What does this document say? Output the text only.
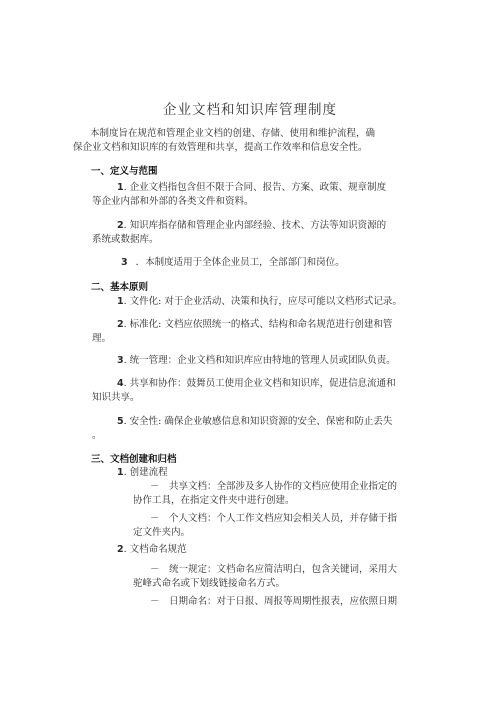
企业文档和知识库管理制度
本制度旨在规范和管理企业文档的创建、存储、使用和维护流程，确
保企业文档和知识库的有效管理和共享，提高工作效率和信息安全性。
一、定义与范围
1. 企业文档指包含但不限于合同、报告、方案、政策、规章制度
等企业内部和外部的各类文件和资料。
2. 知识库指存储和管理企业内部经验、技术、方法等知识资源的
系统或数据库。
3 ．本制度适用于全体企业员工，全部部门和岗位。
二、基本原则
1. 文件化: 对于企业活动、决策和执行，应尽可能以文档形式记录。
2. 标准化: 文档应依照统一的格式、结构和命名规范进行创建和管
理。
3. 统一管理：企业文档和知识库应由特地的管理人员或团队负责。
4. 共享和协作：鼓舞员工使用企业文档和知识库，促进信息流通和
知识共享。
5. 安全性: 确保企业敏感信息和知识资源的安全、保密和防止丢失
。
三、文档创建和归档
1. 创建流程
－　共享文档：全部涉及多人协作的文档应使用企业指定的
协作工具，在指定文件夹中进行创建。
－　个人文档：个人工作文档应知会相关人员，并存储于指
定文件夹内。
2. 文档命名规范
－　统一规定：文档命名应简洁明白，包含关键词，采用大
驼峰式命名或下划线链接命名方式。
－　日期命名：对于日报、周报等周期性报表，应依照日期
